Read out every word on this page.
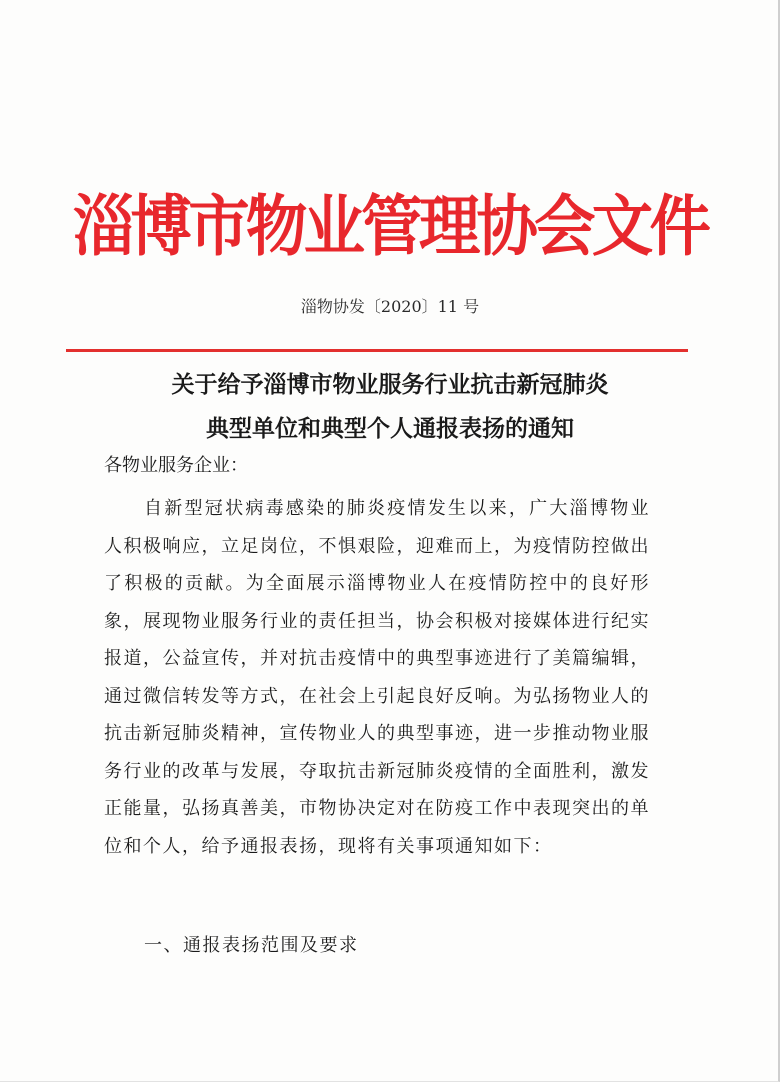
淄博市物业管理协会文件
淄物协发〔2020〕11 号
关于给予淄博市物业服务行业抗击新冠肺炎
典型单位和典型个人通报表扬的通知
各物业服务企业：
自新型冠状病毒感染的肺炎疫情发生以来，广大淄博物业人积极响应，立足岗位，不惧艰险，迎难而上，为疫情防控做出了积极的贡献。为全面展示淄博物业人在疫情防控中的良好形象，展现物业服务行业的责任担当，协会积极对接媒体进行纪实报道，公益宣传，并对抗击疫情中的典型事迹进行了美篇编辑，通过微信转发等方式，在社会上引起良好反响。为弘扬物业人的抗击新冠肺炎精神，宣传物业人的典型事迹，进一步推动物业服务行业的改革与发展，夺取抗击新冠肺炎疫情的全面胜利，激发正能量，弘扬真善美，市物协决定对在防疫工作中表现突出的单位和个人，给予通报表扬，现将有关事项通知如下：
一、通报表扬范围及要求
